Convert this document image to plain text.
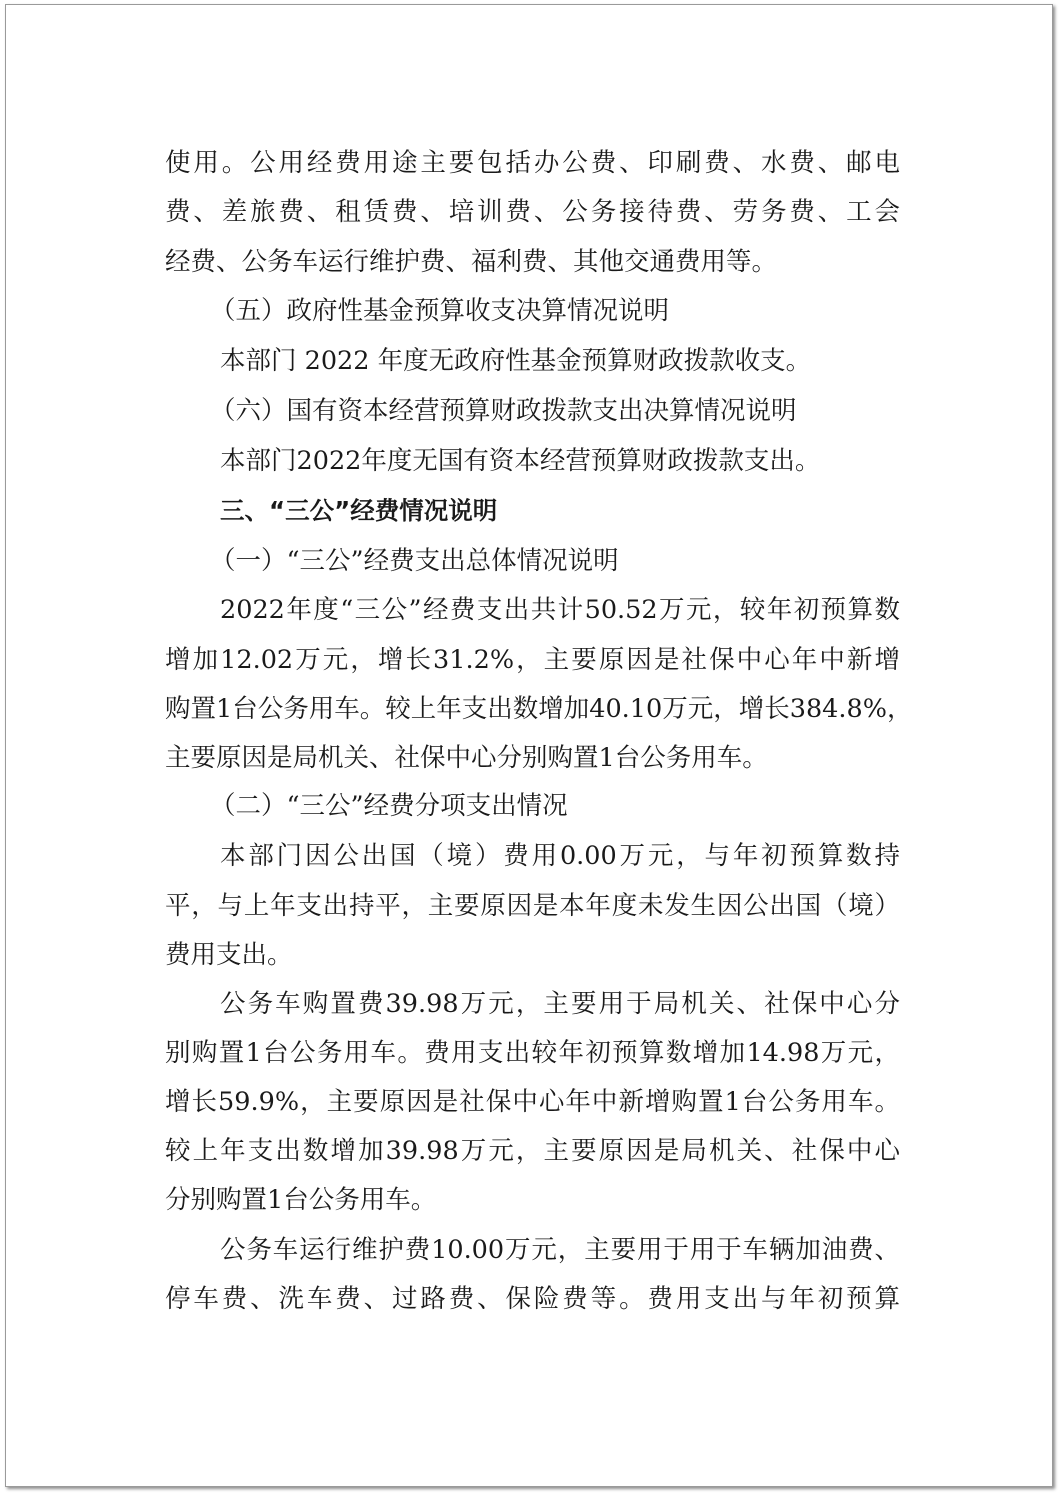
使用。公用经费用途主要包括办公费、印刷费、水费、邮电
费、差旅费、租赁费、培训费、公务接待费、劳务费、工会
经费、公务车运行维护费、福利费、其他交通费用等。
（五）政府性基金预算收支决算情况说明
本部门 2022 年度无政府性基金预算财政拨款收支。
（六）国有资本经营预算财政拨款支出决算情况说明
本部门2022年度无国有资本经营预算财政拨款支出。
三、“三公”经费情况说明
（一）“三公”经费支出总体情况说明
2022年度“三公”经费支出共计50.52万元，较年初预算数
增加12.02万元，增长31.2%，主要原因是社保中心年中新增
购置1台公务用车。较上年支出数增加40.10万元，增长384.8%，
主要原因是局机关、社保中心分别购置1台公务用车。
（二）“三公”经费分项支出情况
本部门因公出国（境）费用0.00万元，与年初预算数持
平，与上年支出持平，主要原因是本年度未发生因公出国（境）
费用支出。
公务车购置费39.98万元，主要用于局机关、社保中心分
别购置1台公务用车。费用支出较年初预算数增加14.98万元，
增长59.9%，主要原因是社保中心年中新增购置1台公务用车。
较上年支出数增加39.98万元，主要原因是局机关、社保中心
分别购置1台公务用车。
公务车运行维护费10.00万元，主要用于用于车辆加油费、
停车费、洗车费、过路费、保险费等。费用支出与年初预算
